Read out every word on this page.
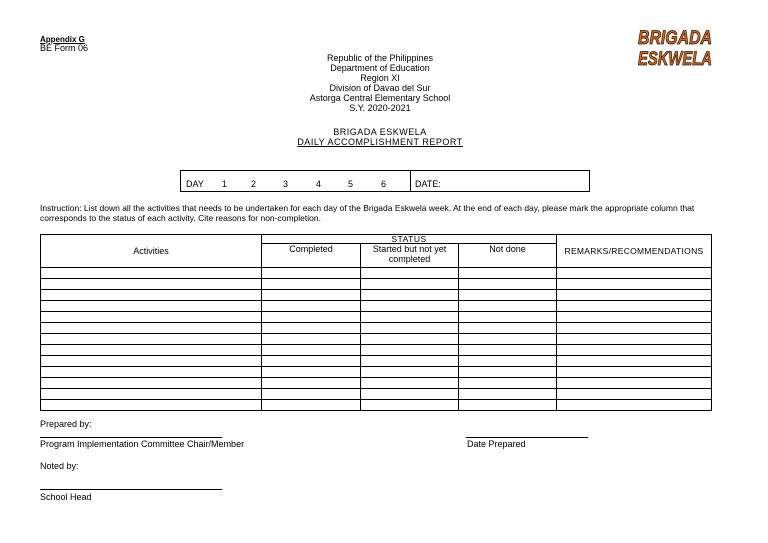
Appendix G
BE Form 06	BRIGADA
ESKWELA
Republic of the Philippines
Department of Education
Region XI
Division of Davao del Sur
Astorga Central Elementary School
S.Y. 2020-2021
BRIGADA ESKWELA
DAILY ACCOMPLISHMENT REPORT
DAY 1	2	3	4	5	6	DATE:
Instruction: List down all the activities that needs to be undertaken for each day of the Brigada Eskwela week. At the end of each day, please mark the appropriate column that corresponds to the status of each activity. Cite reasons for non-completion.
Activities	STATUS			REMARKS/RECOMMENDATIONS
	Completed	Started but not yet completed	Not done	

Prepared by:
Program Implementation Committee Chair/Member	Date Prepared
Noted by:
School Head
